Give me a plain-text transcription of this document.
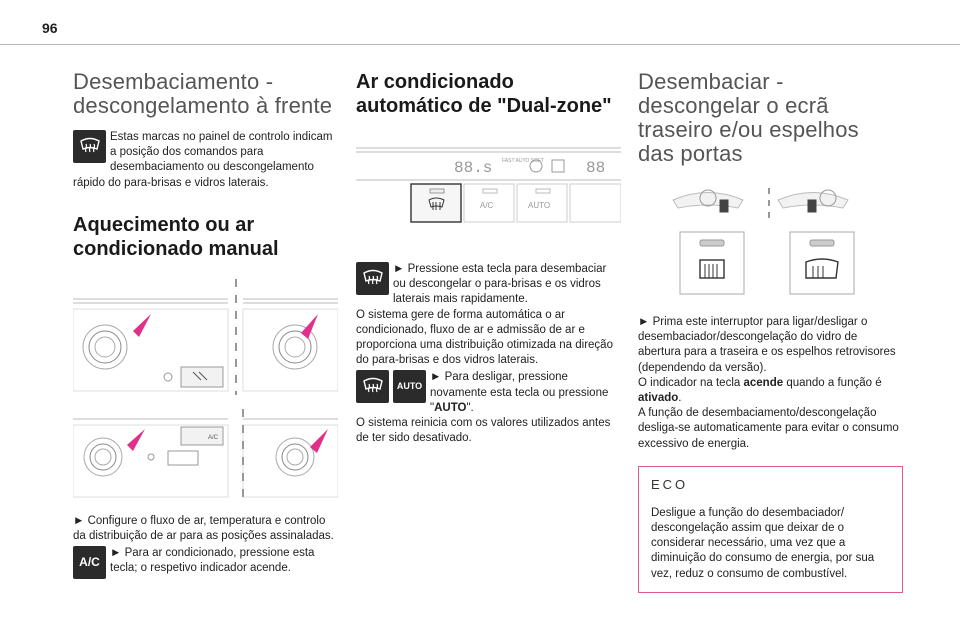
96
Desembaciamento - descongelamento à frente

Estas marcas no painel de controlo indicam a posição dos comandos para desembaciamento ou descongelamento rápido do para-brisas e vidros laterais.

Aquecimento ou ar condicionado manual
A/C

► Configure o fluxo de ar, temperatura e controlo da distribuição de ar para as posições assinaladas.

A/C

► Para ar condicionado, pressione esta tecla; o respetivo indicador acende.

Ar condicionado automático de "Dual-zone"
88.s FAST AUTO SOFT	88
A/C	AUTO

► Pressione esta tecla para desembaciar ou descongelar o para-brisas e os vidros laterais mais rapidamente.

O sistema gere de forma automática o ar condicionado, fluxo de ar e admissão de ar e proporciona uma distribuição otimizada na direção do para-brisas e dos vidros laterais.

AUTO

► Para desligar, pressione novamente esta tecla ou pressione "AUTO".

O sistema reinicia com os valores utilizados antes de ter sido desativado.

Desembaciar - descongelar o ecrã traseiro e/ou espelhos das portas

► Prima este interruptor para ligar/desligar o desembaciador/descongelação do vidro de abertura para a traseira e os espelhos retrovisores (dependendo da versão).

O indicador na tecla acende quando a função é ativado.

A função de desembaciamento/descongelação desliga-se automaticamente para evitar o consumo excessivo de energia.

ECO

Desligue a função do desembaciador/ descongelação assim que deixar de o considerar necessário, uma vez que a diminuição do consumo de energia, por sua vez, reduz o consumo de combustível.
